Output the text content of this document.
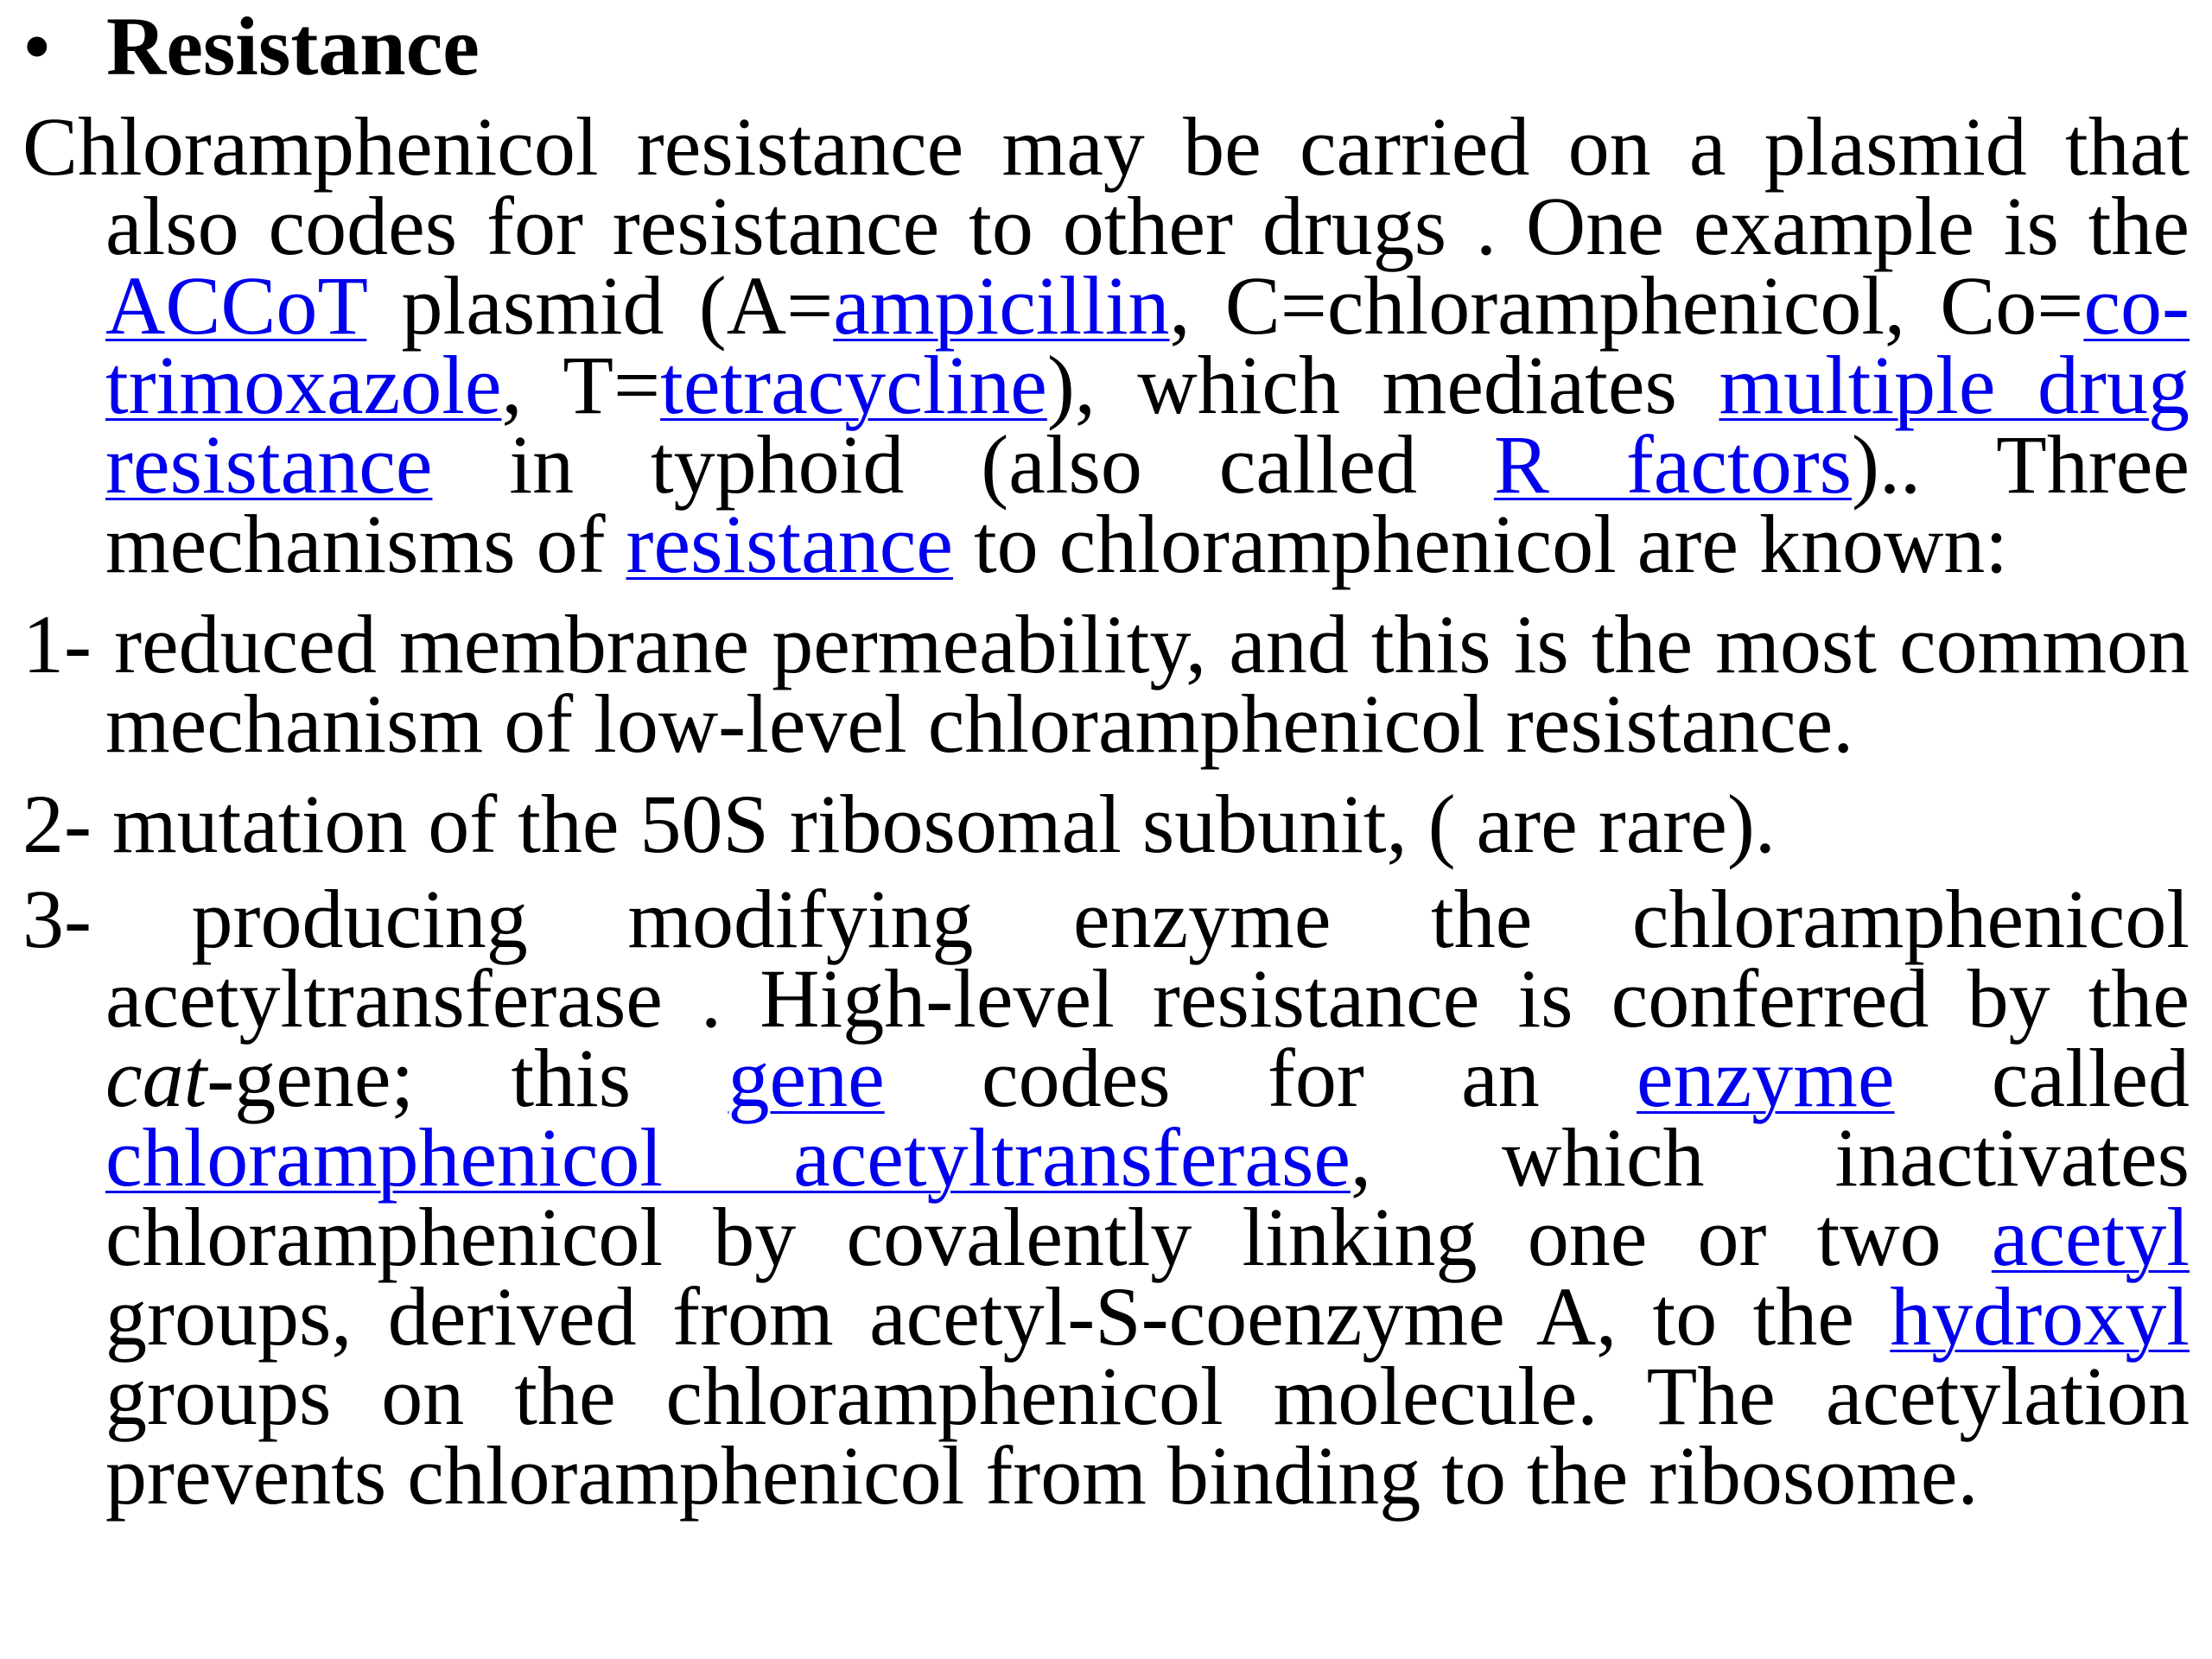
• Resistance

Chloramphenicol resistance may be carried on a plasmid that also codes for resistance to other drugs . One example is the ACCoT plasmid (A=ampicillin, C=chloramphenicol, Co=co-trimoxazole, T=tetracycline), which mediates multiple drug resistance in typhoid (also called R factors).. Three mechanisms of resistance to chloramphenicol are known:

1- reduced membrane permeability, and this is the most common mechanism of low-level chloramphenicol resistance.

2- mutation of the 50S ribosomal subunit, ( are rare).

3- producing modifying enzyme the chloramphenicol acetyltransferase . High-level resistance is conferred by the cat-gene; this gene codes for an enzyme called chloramphenicol acetyltransferase, which inactivates chloramphenicol by covalently linking one or two acetyl groups, derived from acetyl-S-coenzyme A, to the hydroxyl groups on the chloramphenicol molecule. The acetylation prevents chloramphenicol from binding to the ribosome.
